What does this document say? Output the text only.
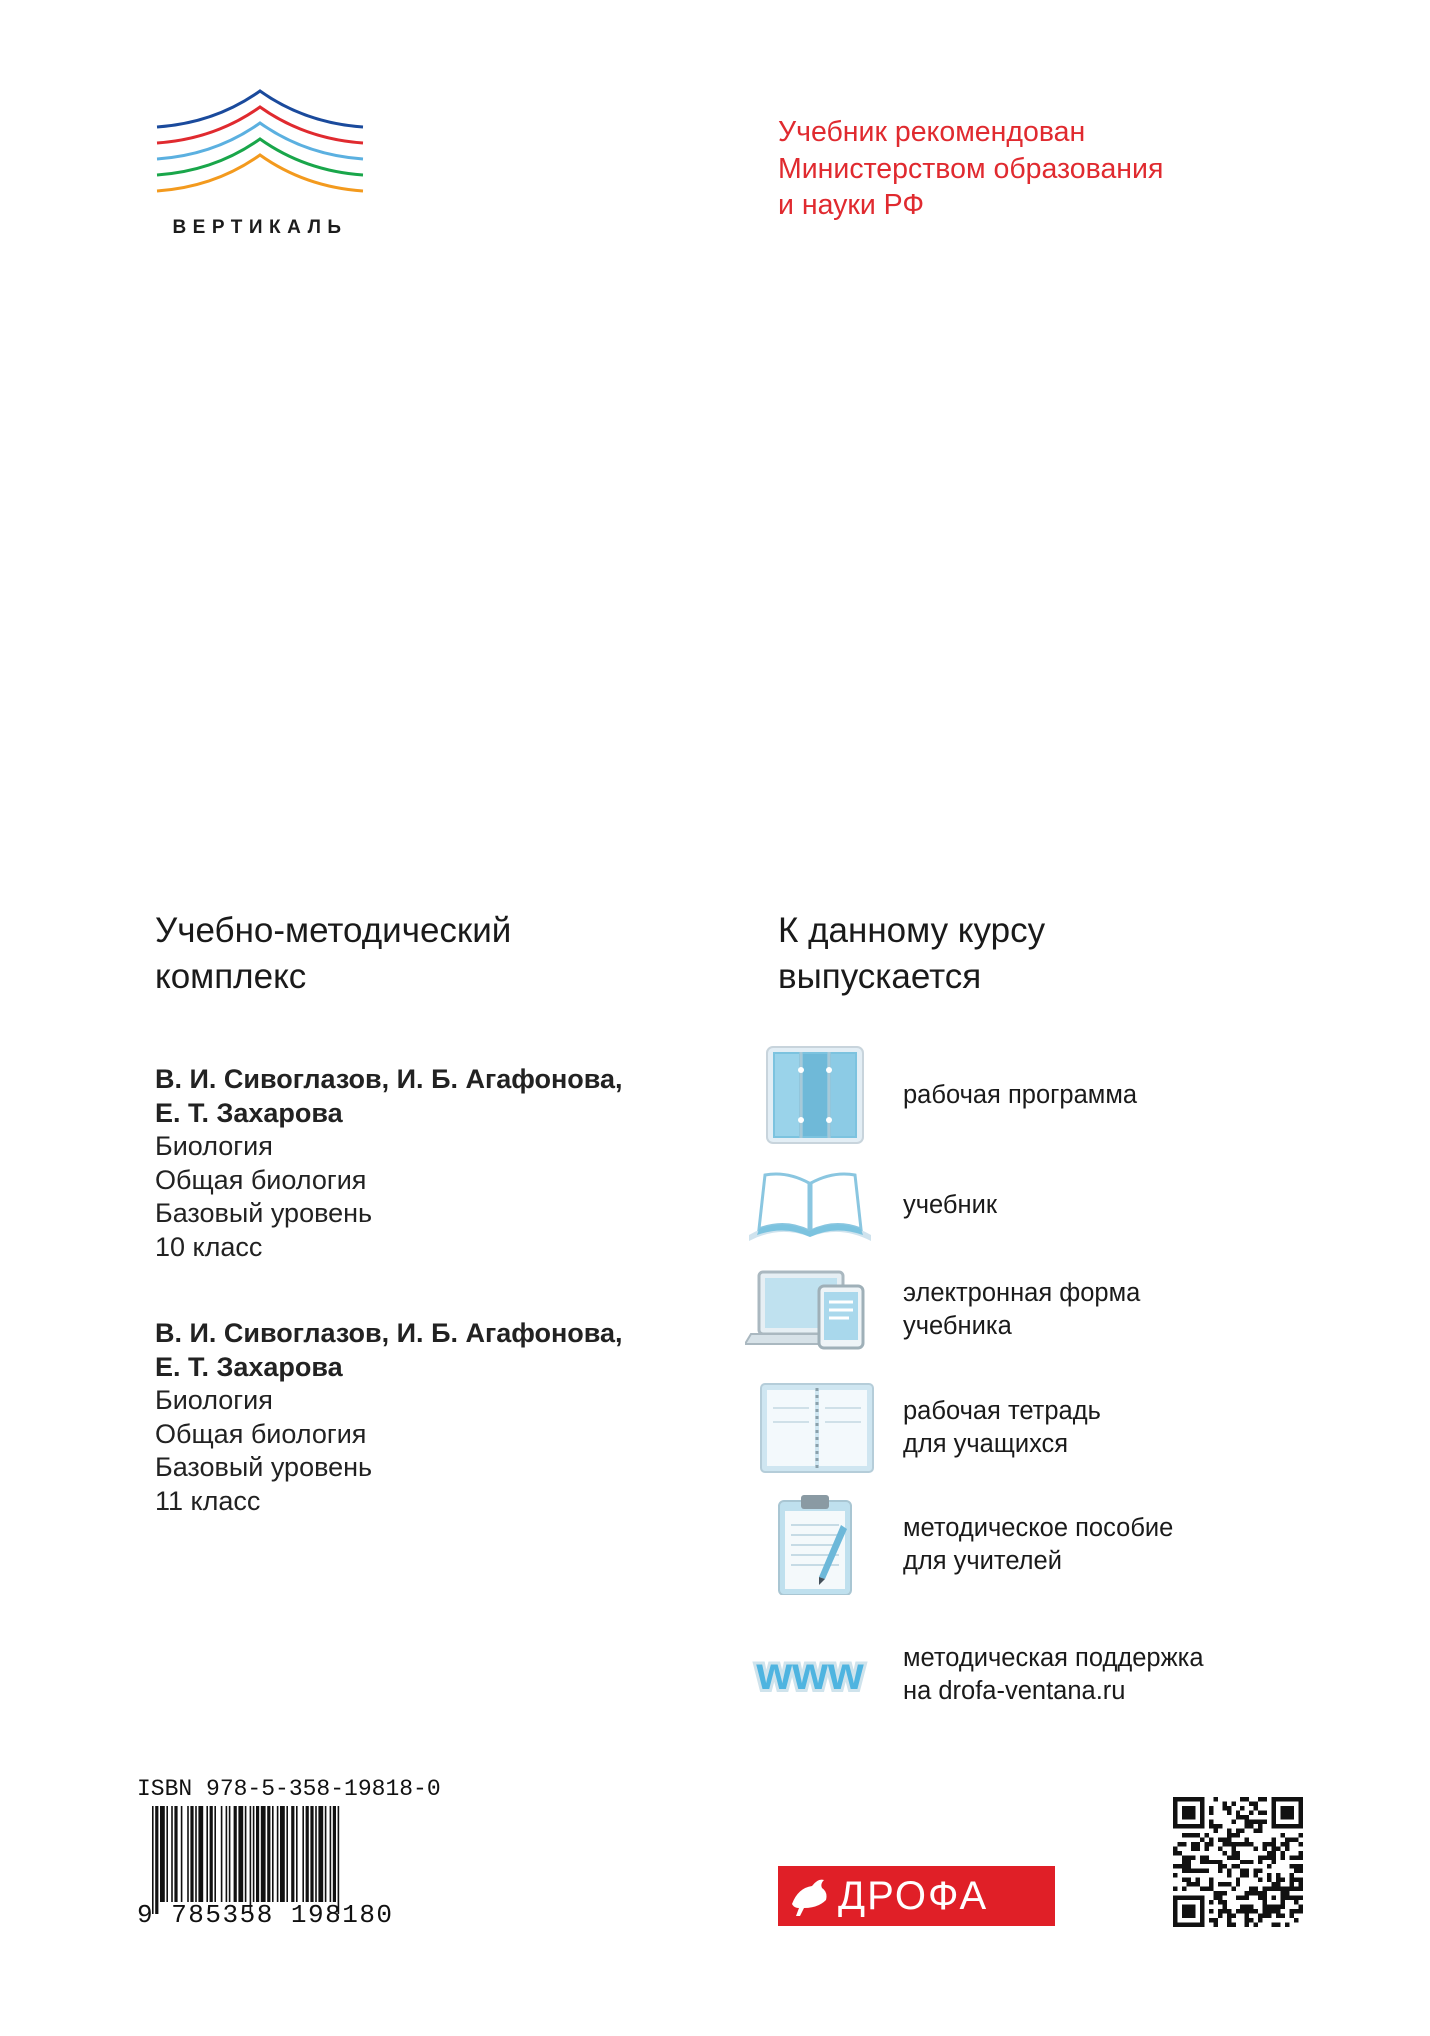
ВЕРТИКАЛЬ
Учебник рекомендован
Министерством образования
и науки РФ
Учебно-методический
комплекс
К данному курсу
выпускается
В. И. Сивоглазов, И. Б. Агафонова,
Е. Т. Захарова
Биология
Общая биология
Базовый уровень
10 класс
В. И. Сивоглазов, И. Б. Агафонова,
Е. Т. Захарова
Биология
Общая биология
Базовый уровень
11 класс
рабочая программа
учебник
электронная форма
учебника
рабочая тетрадь
для учащихся
методическое пособие
для учителей
www методическая поддержка
на drofa-ventana.ru
ISBN 978-5-358-19818-0
9 785358 198180	ДРОФА
